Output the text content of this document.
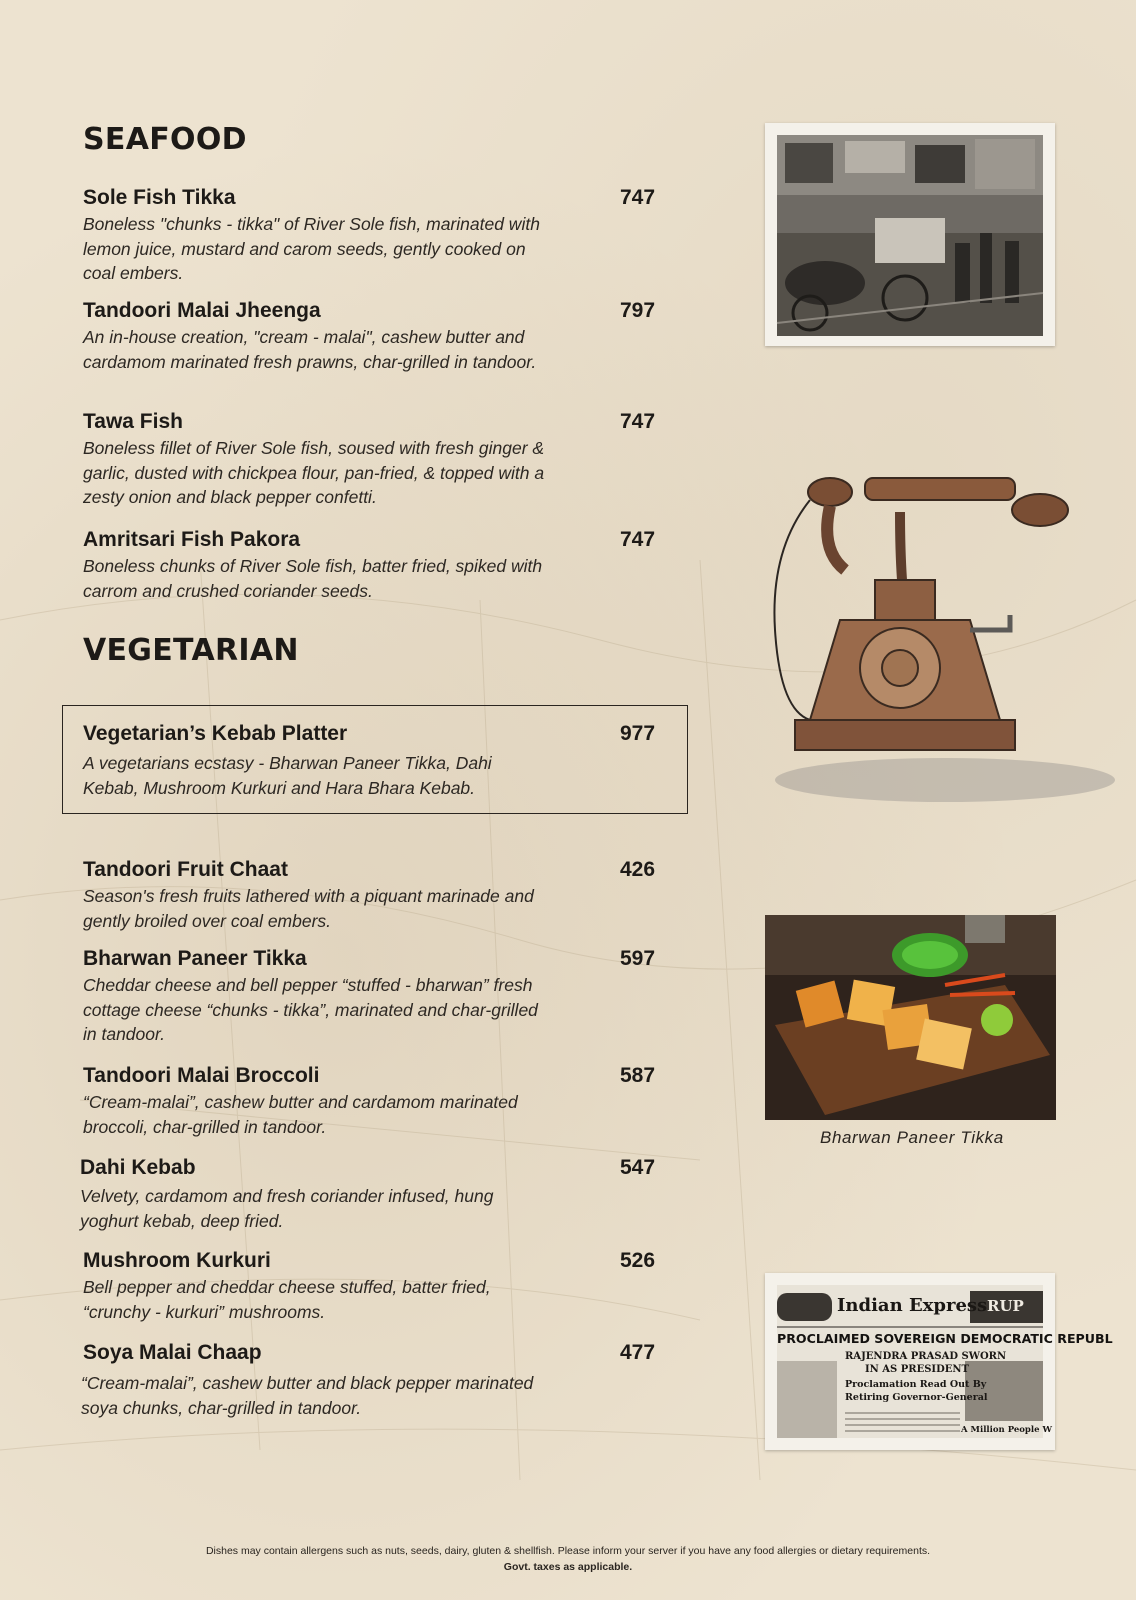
SEAFOOD
Sole Fish Tikka	747
Boneless "chunks - tikka" of River Sole fish, marinated with lemon juice, mustard and carom seeds, gently cooked on coal embers.
Tandoori Malai Jheenga	797
An in-house creation, "cream - malai", cashew butter and cardamom marinated fresh prawns, char-grilled in tandoor.
Tawa Fish	747
Boneless fillet of River Sole fish, soused with fresh ginger & garlic, dusted with chickpea flour, pan-fried, & topped with a zesty onion and black pepper confetti.
Amritsari Fish Pakora	747
Boneless chunks of River Sole fish, batter fried, spiked with carrom and crushed coriander seeds.
VEGETARIAN
Vegetarian’s Kebab Platter	977
A vegetarians ecstasy - Bharwan Paneer Tikka, Dahi Kebab, Mushroom Kurkuri and Hara Bhara Kebab.
Tandoori Fruit Chaat	426
Season's fresh fruits lathered with a piquant marinade and gently broiled over coal embers.
Bharwan Paneer Tikka	597
Cheddar cheese and bell pepper “stuffed - bharwan” fresh cottage cheese “chunks - tikka”, marinated and char-grilled in tandoor.
Tandoori Malai Broccoli	587
“Cream-malai”, cashew butter and cardamom marinated broccoli, char-grilled in tandoor.
Dahi Kebab	547
Velvety, cardamom and fresh coriander infused, hung yoghurt kebab, deep fried.
Mushroom Kurkuri	526
Bell pepper and cheddar cheese stuffed, batter fried, “crunchy - kurkuri” mushrooms.
Soya Malai Chaap	477
“Cream-malai”, cashew butter and black pepper marinated soya chunks, char-grilled in tandoor.
Bharwan Paneer Tikka
Indian Express RUP
PROCLAIMED SOVEREIGN DEMOCRATIC REPUBL
RAJENDRA PRASAD SWORN
IN AS PRESIDENT
Proclamation Read Out By
Retiring Governor-General
A Million People W
Dishes may contain allergens such as nuts, seeds, dairy, gluten & shellfish. Please inform your server if you have any food allergies or dietary requirements.
Govt. taxes as applicable.
